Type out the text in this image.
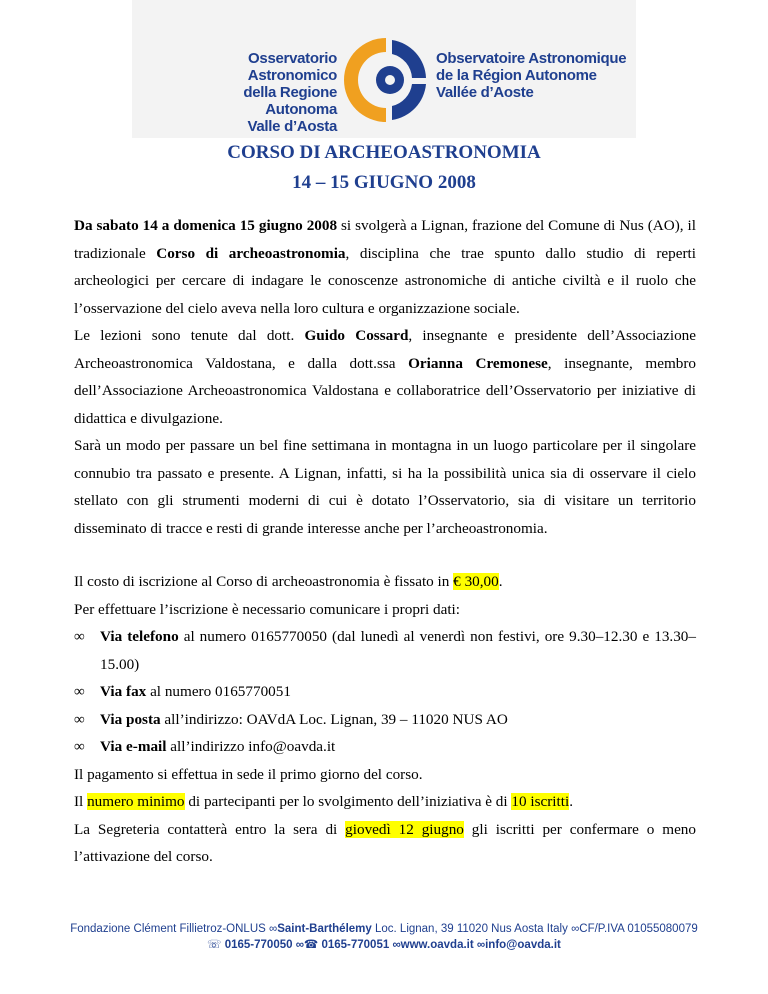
Osservatorio Astronomico
della Regione Autonoma
Valle d’Aosta
Observatoire Astronomique
de la Région Autonome
Vallée d’Aoste
CORSO DI ARCHEOASTRONOMIA
14 – 15 GIUGNO 2008

Da sabato 14 a domenica 15 giugno 2008 si svolgerà a Lignan, frazione del Comune di Nus (AO), il tradizionale Corso di archeoastronomia, disciplina che trae spunto dallo studio di reperti archeologici per cercare di indagare le conoscenze astronomiche di antiche civiltà e il ruolo che l’osservazione del cielo aveva nella loro cultura e organizzazione sociale.

Le lezioni sono tenute dal dott. Guido Cossard, insegnante e presidente dell’Associazione Archeoastronomica Valdostana, e dalla dott.ssa Orianna Cremonese, insegnante, membro dell’Associazione Archeoastronomica Valdostana e collaboratrice dell’Osservatorio per iniziative di didattica e divulgazione.

Sarà un modo per passare un bel fine settimana in montagna in un luogo particolare per il singolare connubio tra passato e presente. A Lignan, infatti, si ha la possibilità unica sia di osservare il cielo stellato con gli strumenti moderni di cui è dotato l’Osservatorio, sia di visitare un territorio disseminato di tracce e resti di grande interesse anche per l’archeoastronomia.

Il costo di iscrizione al Corso di archeoastronomia è fissato in € 30,00.

Per effettuare l’iscrizione è necessario comunicare i propri dati:

∞ Via telefono al numero 0165770050 (dal lunedì al venerdì non festivi, ore 9.30–12.30 e 13.30–15.00)
∞ Via fax al numero 0165770051
∞ Via posta all’indirizzo: OAVdA Loc. Lignan, 39 – 11020 NUS AO
∞ Via e-mail all’indirizzo info@oavda.it

Il pagamento si effettua in sede il primo giorno del corso.

Il numero minimo di partecipanti per lo svolgimento dell’iniziativa è di 10 iscritti.

La Segreteria contatterà entro la sera di giovedì 12 giugno gli iscritti per confermare o meno l’attivazione del corso.

Fondazione Clément Fillietroz-ONLUS ∞Saint-Barthélemy Loc. Lignan, 39 11020 Nus Aosta Italy ∞CF/P.IVA 01055080079
☏ 0165-770050 ∞☎ 0165-770051 ∞www.oavda.it ∞info@oavda.it
